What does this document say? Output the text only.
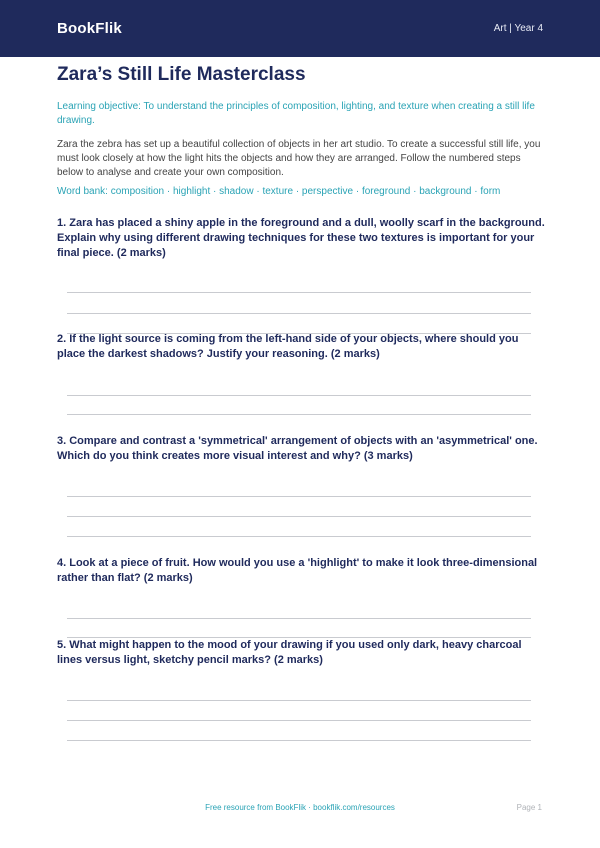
BookFlik	Art | Year 4
Zara’s Still Life Masterclass
Learning objective: To understand the principles of composition, lighting, and texture when creating a still life drawing.
Zara the zebra has set up a beautiful collection of objects in her art studio. To create a successful still life, you must look closely at how the light hits the objects and how they are arranged. Follow the numbered steps below to analyse and create your own composition.
Word bank: composition · highlight · shadow · texture · perspective · foreground · background · form
1. Zara has placed a shiny apple in the foreground and a dull, woolly scarf in the background. Explain why using different drawing techniques for these two textures is important for your final piece. (2 marks)
2. If the light source is coming from the left-hand side of your objects, where should you place the darkest shadows? Justify your reasoning. (2 marks)
3. Compare and contrast a 'symmetrical' arrangement of objects with an 'asymmetrical' one. Which do you think creates more visual interest and why? (3 marks)
4. Look at a piece of fruit. How would you use a 'highlight' to make it look three-dimensional rather than flat? (2 marks)
5. What might happen to the mood of your drawing if you used only dark, heavy charcoal lines versus light, sketchy pencil marks? (2 marks)
Free resource from BookFlik · bookflik.com/resources	Page 1
